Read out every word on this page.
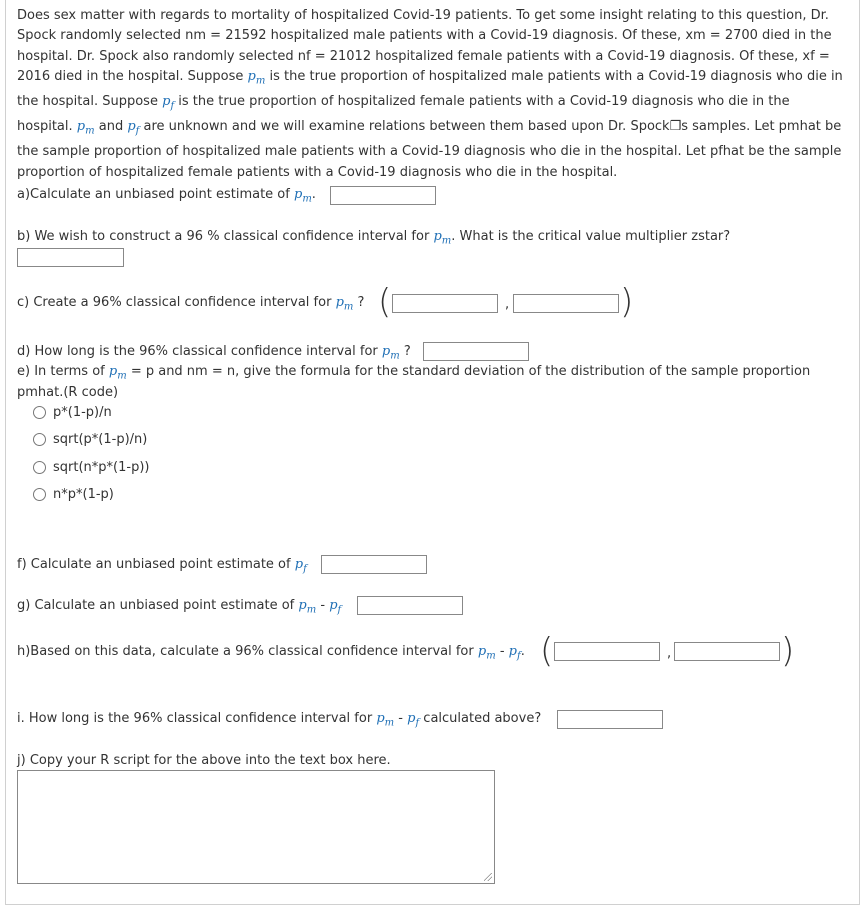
Does sex matter with regards to mortality of hospitalized Covid-19 patients. To get some insight relating to this question, Dr. Spock randomly selected nm = 21592 hospitalized male patients with a Covid-19 diagnosis. Of these, xm = 2700 died in the hospital. Dr. Spock also randomly selected nf = 21012 hospitalized female patients with a Covid-19 diagnosis. Of these, xf = 2016 died in the hospital. Suppose $p_m$ is the true proportion of hospitalized male patients with a Covid-19 diagnosis who die in the hospital. Suppose $p_f$ is the true proportion of hospitalized female patients with a Covid-19 diagnosis who die in the hospital. $p_m$ and $p_f$ are unknown and we will examine relations between them based upon Dr. Spock❒s samples. Let pmhat be the sample proportion of hospitalized male patients with a Covid-19 diagnosis who die in the hospital. Let pfhat be the sample proportion of hospitalized female patients with a Covid-19 diagnosis who die in the hospital.
a)Calculate an unbiased point estimate of $p_m$.
b) We wish to construct a 96 % classical confidence interval for $p_m$. What is the critical value multiplier zstar?
c) Create a 96% classical confidence interval for $p_m$ ? (	,	)
d) How long is the 96% classical confidence interval for $p_m$ ?
e) In terms of $p_m = p$ and nm = n, give the formula for the standard deviation of the distribution of the sample proportion
pmhat.(R code)
p*(1-p)/n
sqrt(p*(1-p)/n)
sqrt(n*p*(1-p))
n*p*(1-p)
f) Calculate an unbiased point estimate of $p_f$
g) Calculate an unbiased point estimate of $p_m - p_f$
h)Based on this data, calculate a 96% classical confidence interval for $p_m - p_f$. (	,	)
i. How long is the 96% classical confidence interval for $p_m - p_f$ calculated above?
j) Copy your R script for the above into the text box here.
